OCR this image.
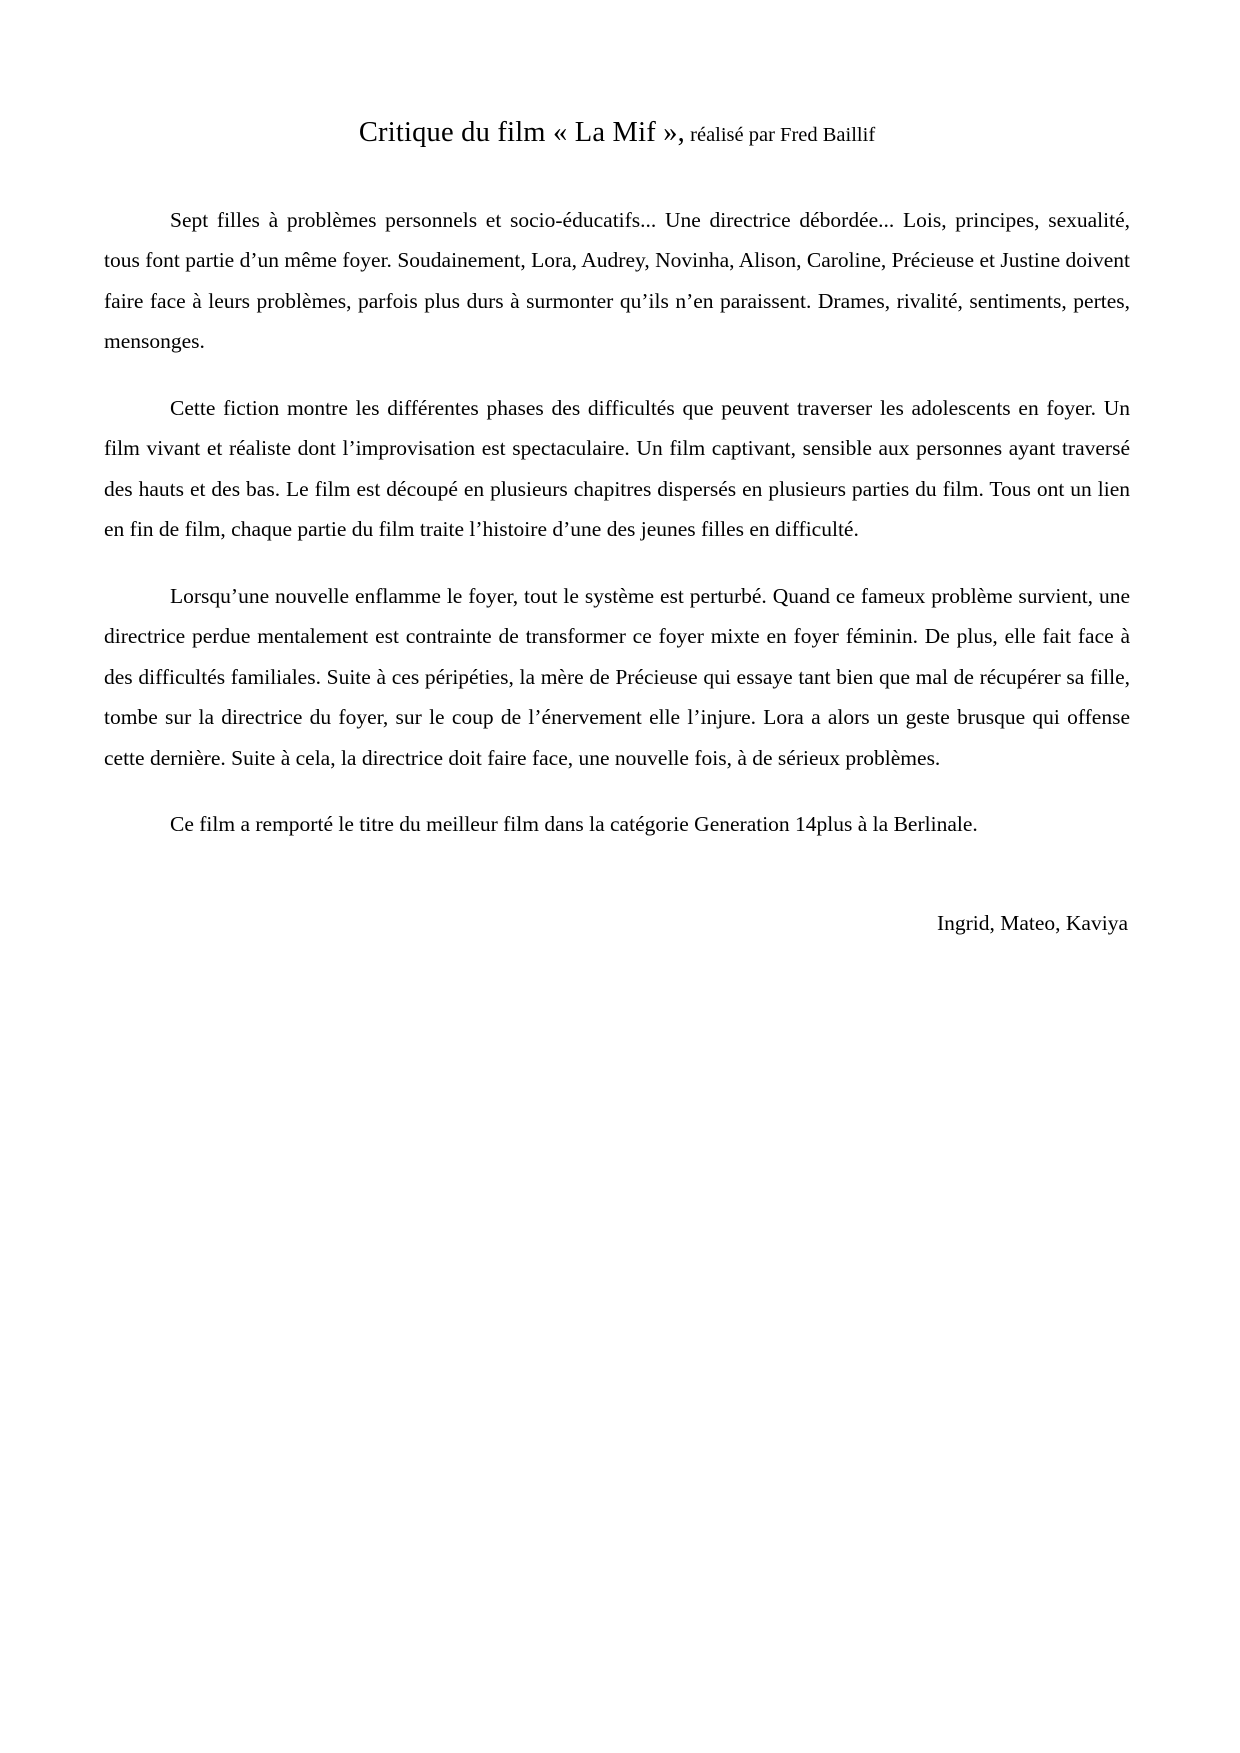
Critique du film « La Mif », réalisé par Fred Baillif

Sept filles à problèmes personnels et socio-éducatifs... Une directrice débordée... Lois, principes, sexualité, tous font partie d’un même foyer. Soudainement, Lora, Audrey, Novinha, Alison, Caroline, Précieuse et Justine doivent faire face à leurs problèmes, parfois plus durs à surmonter qu’ils n’en paraissent. Drames, rivalité, sentiments, pertes, mensonges.

Cette fiction montre les différentes phases des difficultés que peuvent traverser les adolescents en foyer. Un film vivant et réaliste dont l’improvisation est spectaculaire. Un film captivant, sensible aux personnes ayant traversé des hauts et des bas. Le film est découpé en plusieurs chapitres dispersés en plusieurs parties du film. Tous ont un lien en fin de film, chaque partie du film traite l’histoire d’une des jeunes filles en difficulté.

Lorsqu’une nouvelle enflamme le foyer, tout le système est perturbé. Quand ce fameux problème survient, une directrice perdue mentalement est contrainte de transformer ce foyer mixte en foyer féminin. De plus, elle fait face à des difficultés familiales. Suite à ces péripéties, la mère de Précieuse qui essaye tant bien que mal de récupérer sa fille, tombe sur la directrice du foyer, sur le coup de l’énervement elle l’injure. Lora a alors un geste brusque qui offense cette dernière. Suite à cela, la directrice doit faire face, une nouvelle fois, à de sérieux problèmes.

Ce film a remporté le titre du meilleur film dans la catégorie Generation 14plus à la Berlinale.

Ingrid, Mateo, Kaviya
